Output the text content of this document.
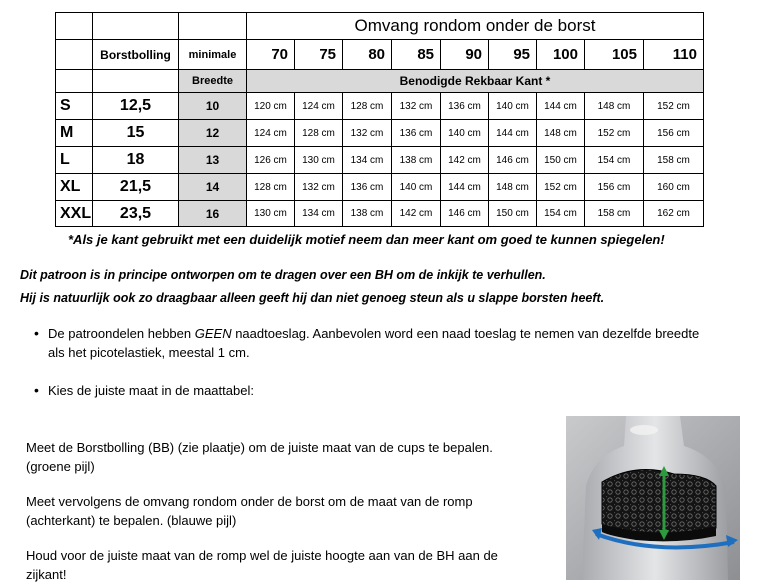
			Omvang rondom onder de borst								
	Borstbolling	minimale	70	75	80	85	90	95	100	105	110
		Breedte	Benodigde Rekbaar Kant *								
S	12,5	10	120 cm	124 cm	128 cm	132 cm	136 cm	140 cm	144 cm	148 cm	152 cm
M	15	12	124 cm	128 cm	132 cm	136 cm	140 cm	144 cm	148 cm	152 cm	156 cm
L	18	13	126 cm	130 cm	134 cm	138 cm	142 cm	146 cm	150 cm	154 cm	158 cm
XL	21,5	14	128 cm	132 cm	136 cm	140 cm	144 cm	148 cm	152 cm	156 cm	160 cm
XXL	23,5	16	130 cm	134 cm	138 cm	142 cm	146 cm	150 cm	154 cm	158 cm	162 cm

*Als je kant gebruikt met een duidelijk motief neem dan meer kant om goed te kunnen spiegelen!

Dit patroon is in principe ontworpen om te dragen over een BH om de inkijk te verhullen.

Hij is natuurlijk ook zo draagbaar alleen geeft hij dan niet genoeg steun als u slappe borsten heeft.

• De patroondelen hebben GEEN naadtoeslag. Aanbevolen word een naad toeslag te nemen van dezelfde breedte

als het picotelastiek, meestal 1 cm.

• Kies de juiste maat in de maattabel:

Meet de Borstbolling (BB) (zie plaatje) om de juiste maat van de cups te bepalen.

(groene pijl)

Meet vervolgens de omvang rondom onder de borst om de maat van de romp

(achterkant) te bepalen. (blauwe pijl)

Houd voor de juiste maat van de romp wel de juiste hoogte aan van de BH aan de

zijkant!
